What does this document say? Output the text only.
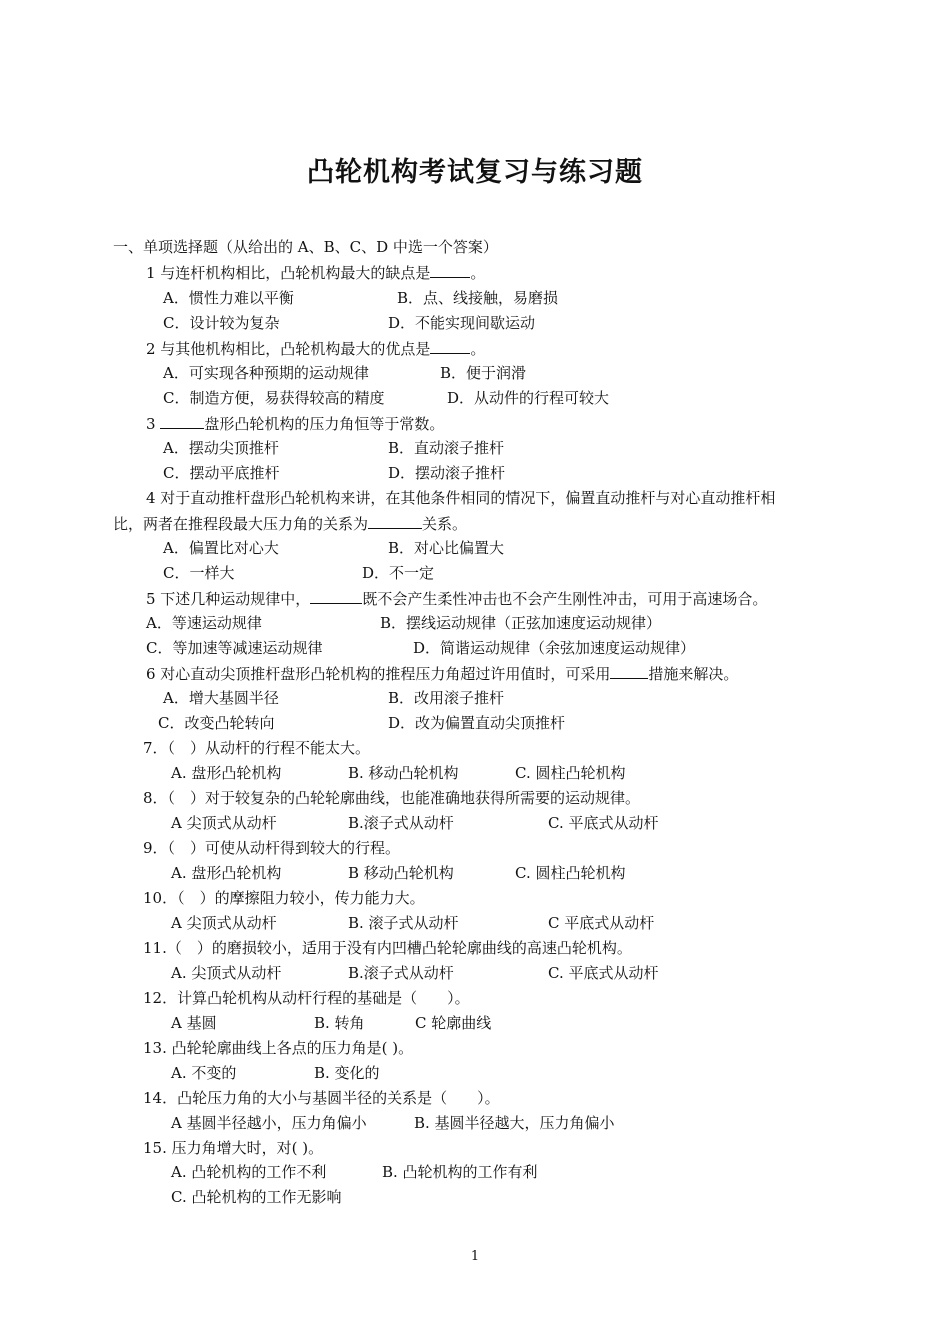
凸轮机构考试复习与练习题
一、单项选择题（从给出的 A、B、C、D 中选一个答案）
1 与连杆机构相比，凸轮机构最大的缺点是	。
A．惯性力难以平衡	B．点、线接触，易磨损
C．设计较为复杂	D．不能实现间歇运动
2 与其他机构相比，凸轮机构最大的优点是	。
A．可实现各种预期的运动规律	B．便于润滑
C．制造方便，易获得较高的精度	D．从动件的行程可较大
3	盘形凸轮机构的压力角恒等于常数。
A．摆动尖顶推杆	B．直动滚子推杆
C．摆动平底推杆	D．摆动滚子推杆
4 对于直动推杆盘形凸轮机构来讲，在其他条件相同的情况下，偏置直动推杆与对心直动推杆相
比，两者在推程段最大压力角的关系为	关系。
A．偏置比对心大	B．对心比偏置大
C．一样大	D．不一定
5 下述几种运动规律中，	既不会产生柔性冲击也不会产生刚性冲击，可用于高速场合。
A．等速运动规律	B．摆线运动规律（正弦加速度运动规律）
C．等加速等减速运动规律	D．简谐运动规律（余弦加速度运动规律）
6 对心直动尖顶推杆盘形凸轮机构的推程压力角超过许用值时，可采用	措施来解决。
A．增大基圆半径	B．改用滚子推杆
C．改变凸轮转向	D．改为偏置直动尖顶推杆
7．（　）从动杆的行程不能太大。
A. 盘形凸轮机构	B. 移动凸轮机构	C. 圆柱凸轮机构
8．（　）对于较复杂的凸轮轮廓曲线，也能准确地获得所需要的运动规律。
A 尖顶式从动杆	B.滚子式从动杆	C. 平底式从动杆
9．（　）可使从动杆得到较大的行程。
A. 盘形凸轮机构	B 移动凸轮机构	C. 圆柱凸轮机构
10．（　）的摩擦阻力较小，传力能力大。
A 尖顶式从动杆	B. 滚子式从动杆	C 平底式从动杆
11.（　）的磨损较小，适用于没有内凹槽凸轮轮廓曲线的高速凸轮机构。
A. 尖顶式从动杆	B.滚子式从动杆	C. 平底式从动杆
12．计算凸轮机构从动杆行程的基础是（　　）。
A 基圆	B. 转角	C 轮廓曲线
13. 凸轮轮廓曲线上各点的压力角是( )。
A. 不变的	B. 变化的
14．凸轮压力角的大小与基圆半径的关系是（　　）。
A 基圆半径越小，压力角偏小	B. 基圆半径越大，压力角偏小
15. 压力角增大时，对( )。
A. 凸轮机构的工作不利	B. 凸轮机构的工作有利
C. 凸轮机构的工作无影响
1
